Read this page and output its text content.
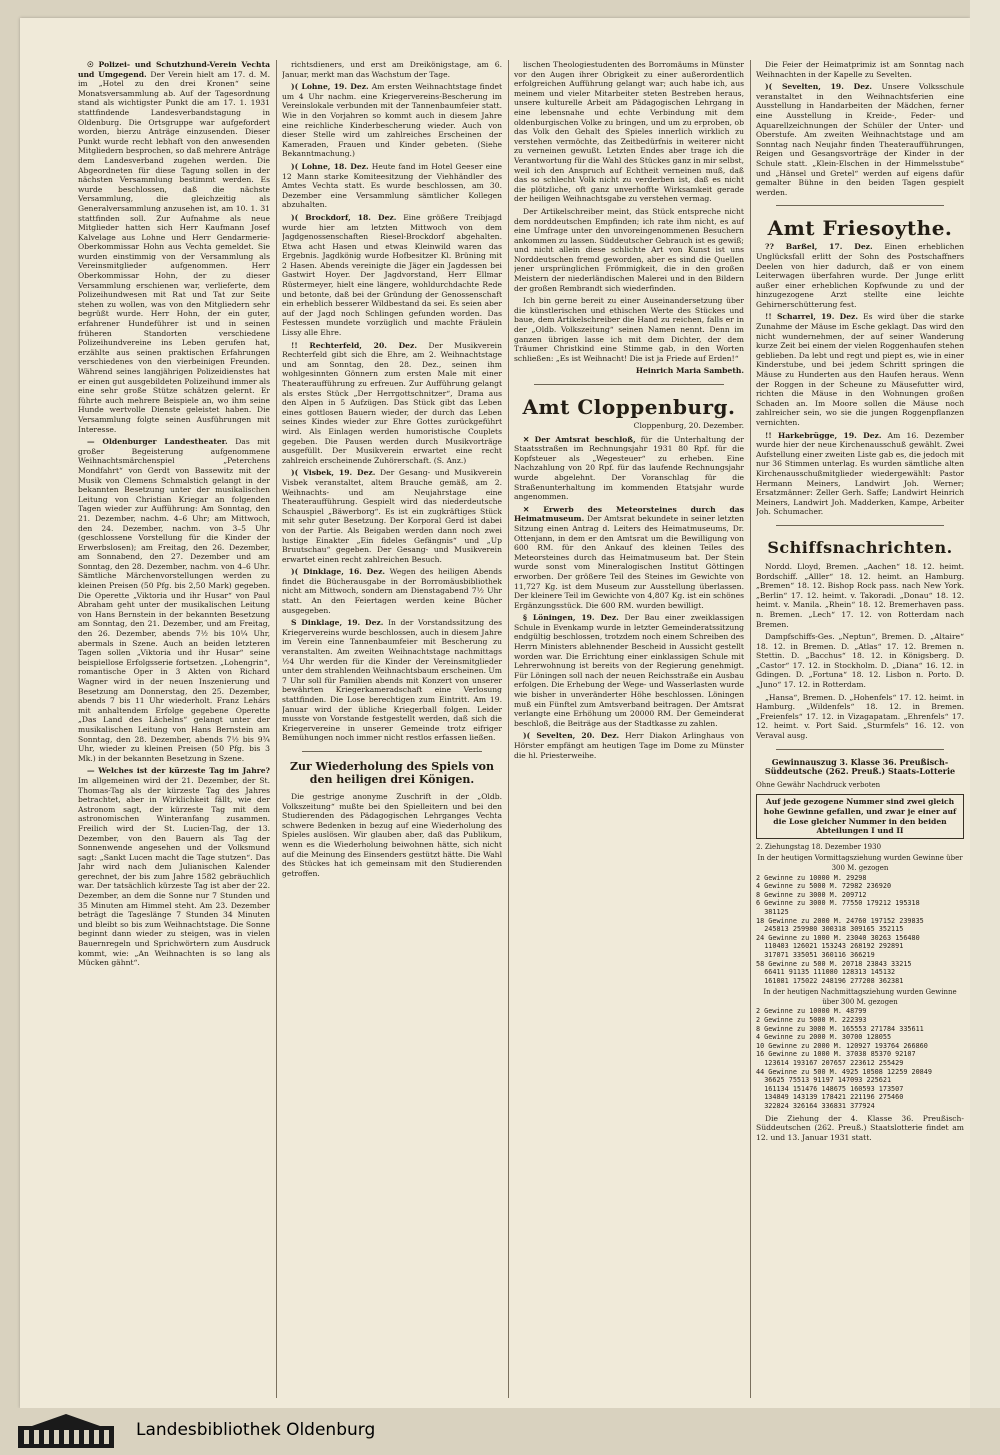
☉ Polizei- und Schutzhund-Verein Vechta und Umgegend. Der Verein hielt am 17. d. M. im „Hotel zu den drei Kronen“ seine Monatsversammlung ab. Auf der Tagesordnung stand als wichtigster Punkt die am 17. 1. 1931 stattfindende Landesverbandstagung in Oldenburg. Die Ortsgruppe war aufgefordert worden, bierzu Anträge einzusenden. Dieser Punkt wurde recht lebhaft von den anwesenden Mitgliedern besprochen, so daß mehrere Anträge dem Landesverband zugehen werden. Die Abgeordneten für diese Tagung sollen in der nächsten Versammlung bestimmt werden. Es wurde beschlossen, daß die nächste Versammlung, die gleichzeitig als Generalversammlung anzusehen ist, am 10. 1. 31 stattfinden soll. Zur Aufnahme als neue Mitglieder hatten sich Herr Kaufmann Josef Kalvelage aus Lohne und Herr Gendarmerie-Oberkommissar Hohn aus Vechta gemeldet. Sie wurden einstimmig von der Versammlung als Vereinsmitglieder aufgenommen. Herr Oberkommissar Hohn, der zu dieser Versammlung erschienen war, verlieferte, dem Polizeihundwesen mit Rat und Tat zur Seite stehen zu wollen, was von den Mitgliedern sehr begrüßt wurde. Herr Hohn, der ein guter, erfahrener Hundeführer ist und in seinen früheren Standorten verschiedene Polizeihundvereine ins Leben gerufen hat, erzählte aus seinen praktischen Erfahrungen verschiedenes von den vierbeinigen Freunden. Während seines langjährigen Polizeidienstes hat er einen gut ausgebildeten Polizeihund immer als eine sehr große Stütze schätzen gelernt. Er führte auch mehrere Beispiele an, wo ihm seine Hunde wertvolle Dienste geleistet haben. Die Versammlung folgte seinen Ausführungen mit Interesse.

— Oldenburger Landestheater. Das mit großer Begeisterung aufgenommene Weihnachtsmärchenspiel „Peterchens Mondfahrt“ von Gerdt von Bassewitz mit der Musik von Clemens Schmalstich gelangt in der bekannten Besetzung unter der musikalischen Leitung von Christian Kriegar an folgenden Tagen wieder zur Aufführung: Am Sonntag, den 21. Dezember, nachm. 4–6 Uhr; am Mittwoch, den 24. Dezember, nachm. von 3–5 Uhr (geschlossene Vorstellung für die Kinder der Erwerbslosen); am Freitag, den 26. Dezember, am Sonnabend, den 27. Dezember und am Sonntag, den 28. Dezember, nachm. von 4–6 Uhr. Sämtliche Märchenvorstellungen werden zu kleinen Preisen (50 Pfg. bis 2,50 Mark) gegeben. Die Operette „Viktoria und ihr Husar“ von Paul Abraham geht unter der musikalischen Leitung von Hans Bernstein in der bekannten Besetzung am Sonntag, den 21. Dezember, und am Freitag, den 26. Dezember, abends 7½ bis 10¼ Uhr, abermals in Szene. Auch an beiden letzteren Tagen sollen „Viktoria und ihr Husar“ seine beispiellose Erfolgsserie fortsetzen. „Lohengrin“, romantische Oper in 3 Akten von Richard Wagner wird in der neuen Inszenierung und Besetzung am Donnerstag, den 25. Dezember, abends 7 bis 11 Uhr wiederholt. Franz Lehárs mit anhaltendem Erfolge gegebene Operette „Das Land des Lächelns“ gelangt unter der musikalischen Leitung von Hans Bernstein am Sonntag, den 28. Dezember, abends 7½ bis 9¾ Uhr, wieder zu kleinen Preisen (50 Pfg. bis 3 Mk.) in der bekannten Besetzung in Szene.

— Welches ist der kürzeste Tag im Jahre? Im allgemeinen wird der 21. Dezember, der St. Thomas-Tag als der kürzeste Tag des Jahres betrachtet, aber in Wirklichkeit fällt, wie der Astronom sagt, der kürzeste Tag mit dem astronomischen Winteranfang zusammen. Freilich wird der St. Lucien-Tag, der 13. Dezember, von den Bauern als Tag der Sonnenwende angesehen und der Volksmund sagt: „Sankt Lucen macht die Tage stutzen“. Das Jahr wird nach dem Julianischen Kalender gerechnet, der bis zum Jahre 1582 gebräuchlich war. Der tatsächlich kürzeste Tag ist aber der 22. Dezember, an dem die Sonne nur 7 Stunden und 35 Minuten am Himmel steht. Am 23. Dezember beträgt die Tageslänge 7 Stunden 34 Minuten und bleibt so bis zum Weihnachtstage. Die Sonne beginnt dann wieder zu steigen, was in vielen Bauernregeln und Sprichwörtern zum Ausdruck kommt, wie: „An Weihnachten is so lang als Mücken gähnt“.

richtsdieners, und erst am Dreikönigstage, am 6. Januar, merkt man das Wachstum der Tage.

)( Lohne, 19. Dez. Am ersten Weihnachtstage findet um 4 Uhr nachm. eine Kriegervereins-Bescherung im Vereinslokale verbunden mit der Tannenbaumfeier statt. Wie in den Vorjahren so kommt auch in diesem Jahre eine reichliche Kinderbescherung wieder. Auch von dieser Stelle wird um zahlreiches Erscheinen der Kameraden, Frauen und Kinder gebeten. (Siehe Bekanntmachung.)

)( Lohne, 18. Dez. Heute fand im Hotel Geeser eine 12 Mann starke Komiteesitzung der Viehhändler des Amtes Vechta statt. Es wurde beschlossen, am 30. Dezember eine Versammlung sämtlicher Kollegen abzuhalten.

)( Brockdorf, 18. Dez. Eine größere Treibjagd wurde hier am letzten Mittwoch von dem Jagdgenossenschaften Riesel-Brockdorf abgehalten. Etwa acht Hasen und etwas Kleinwild waren das Ergebnis. Jagdkönig wurde Hofbesitzer Kl. Brüning mit 2 Hasen. Abends vereinigte die Jäger ein Jagdessen bei Gastwirt Hoyer. Der Jagdvorstand, Herr Ellmar Rüstermeyer, hielt eine längere, wohldurchdachte Rede und betonte, daß bei der Gründung der Genossenschaft ein erheblich besserer Wildbestand da sei. Es seien aber auf der Jagd noch Schlingen gefunden worden. Das Festessen mundete vorzüglich und machte Fräulein Lissy alle Ehre.

!! Rechterfeld, 20. Dez. Der Musikverein Rechterfeld gibt sich die Ehre, am 2. Weihnachtstage und am Sonntag, den 28. Dez., seinen ihm wohlgesinnten Gönnern zum ersten Male mit einer Theateraufführung zu erfreuen. Zur Aufführung gelangt als erstes Stück „Der Herrgottschnitzer“, Drama aus den Alpen in 5 Aufzügen. Das Stück gibt das Leben eines gottlosen Bauern wieder, der durch das Leben seines Kindes wieder zur Ehre Gottes zurückgeführt wird. Als Einlagen werden humoristische Couplets gegeben. Die Pausen werden durch Musikvorträge ausgefüllt. Der Musikverein erwartet eine recht zahlreich erscheinende Zuhörerschaft. (S. Anz.)

)( Visbek, 19. Dez. Der Gesang- und Musikverein Visbek veranstaltet, altem Brauche gemäß, am 2. Weihnachts- und am Neujahrstage eine Theateraufführung. Gespielt wird das niederdeutsche Schauspiel „Bäwerborg“. Es ist ein zugkräftiges Stück mit sehr guter Besetzung. Der Korporal Gerd ist dabei von der Partie. Als Beigaben werden dann noch zwei lustige Einakter „Ein fideles Gefängnis“ und „Up Bruutschau“ gegeben. Der Gesang- und Musikverein erwartet einen recht zahlreichen Besuch.

)( Dinklage, 16. Dez. Wegen des heiligen Abends findet die Bücherausgabe in der Borromäusbibliothek nicht am Mittwoch, sondern am Dienstagabend 7½ Uhr statt. An den Feiertagen werden keine Bücher ausgegeben.

S Dinklage, 19. Dez. In der Vorstandssitzung des Kriegervereins wurde beschlossen, auch in diesem Jahre im Verein eine Tannenbaumfeier mit Bescherung zu veranstalten. Am zweiten Weihnachtstage nachmittags ½4 Uhr werden für die Kinder der Vereinsmitglieder unter dem strahlenden Weihnachtsbaum erscheinen. Um 7 Uhr soll für Familien abends mit Konzert von unserer bewährten Kriegerkameradschaft eine Verlosung stattfinden. Die Lose berechtigen zum Eintritt. Am 19. Januar wird der übliche Kriegerball folgen. Leider musste von Vorstande festgestellt werden, daß sich die Kriegervereine in unserer Gemeinde trotz eifriger Bemühungen noch immer nicht restlos erfassen ließen.

Zur Wiederholung des Spiels von den heiligen drei Königen.

Die gestrige anonyme Zuschrift in der „Oldb. Volkszeitung“ mußte bei den Spielleitern und bei den Studierenden des Pädagogischen Lehrganges Vechta schwere Bedenken in bezug auf eine Wiederholung des Spieles auslösen. Wir glauben aber, daß das Publikum, wenn es die Wiederholung beiwohnen hätte, sich nicht auf die Meinung des Einsenders gestützt hätte. Die Wahl des Stückes hat ich gemeinsam mit den Studierenden getroffen.

lischen Theologiestudenten des Borromäums in Münster vor den Augen ihrer Obrigkeit zu einer außerordentlich erfolgreichen Aufführung gelangt war; auch habe ich, aus meinem und vieler Mitarbeiter steten Bestreben heraus, unsere kulturelle Arbeit am Pädagogischen Lehrgang in eine lebensnahe und echte Verbindung mit dem oldenburgischen Volke zu bringen, und um zu erproben, ob das Volk den Gehalt des Spieles innerlich wirklich zu verstehen vermöchte, das Zeitbedürfnis in weiterer nicht zu verneinen gewußt. Letzten Endes aber trage ich die Verantwortung für die Wahl des Stückes ganz in mir selbst, weil ich den Anspruch auf Echtheit verneinen muß, daß das so schlecht Volk nicht zu verderben ist, daß es nicht die plötzliche, oft ganz unverhoffte Wirksamkeit gerade der heiligen Weihnachtsgabe zu verstehen vermag.

Der Artikelschreiber meint, das Stück entspreche nicht dem norddeutschen Empfinden; ich rate ihm nicht, es auf eine Umfrage unter den unvoreingenommenen Besuchern ankommen zu lassen. Süddeutscher Gebrauch ist es gewiß; und nicht allein diese schlichte Art von Kunst ist uns Norddeutschen fremd geworden, aber es sind die Quellen jener ursprünglichen Frömmigkeit, die in den großen Meistern der niederländischen Malerei und in den Bildern der großen Rembrandt sich wiederfinden.

Ich bin gerne bereit zu einer Auseinandersetzung über die künstlerischen und ethischen Werte des Stückes und baue, dem Artikelschreiber die Hand zu reichen, falls er in der „Oldb. Volkszeitung“ seinen Namen nennt. Denn im ganzen übrigen lasse ich mit dem Dichter, der dem Träumer Christkind eine Stimme gab, in den Worten schließen: „Es ist Weihnacht! Die ist ja Friede auf Erden!“

Heinrich Maria Sambeth.
Amt Cloppenburg.
Cloppenburg, 20. Dezember.

✕ Der Amtsrat beschloß, für die Unterhaltung der Staatsstraßen im Rechnungsjahr 1931 80 Rpf. für die Kopfsteuer als „Wegesteuer“ zu erheben. Eine Nachzahlung von 20 Rpf. für das laufende Rechnungsjahr wurde abgelehnt. Der Voranschlag für die Straßenunterhaltung im kommenden Etatsjahr wurde angenommen.

✕ Erwerb des Meteorsteines durch das Heimatmuseum. Der Amtsrat bekundete in seiner letzten Sitzung einen Antrag d. Leiters des Heimatmuseums, Dr. Ottenjann, in dem er den Amtsrat um die Bewilligung von 600 RM. für den Ankauf des kleinen Teiles des Meteorsteines durch das Heimatmuseum bat. Der Stein wurde sonst vom Mineralogischen Institut Göttingen erworben. Der größere Teil des Steines im Gewichte von 11,727 Kg. ist dem Museum zur Ausstellung überlassen. Der kleinere Teil im Gewichte von 4,807 Kg. ist ein schönes Ergänzungsstück. Die 600 RM. wurden bewilligt.

§ Löningen, 19. Dez. Der Bau einer zweiklassigen Schule in Evenkamp wurde in letzter Gemeinderatssitzung endgültig beschlossen, trotzdem noch einem Schreiben des Herrn Ministers ablehnender Bescheid in Aussicht gestellt worden war. Die Errichtung einer einklassigen Schule mit Lehrerwohnung ist bereits von der Regierung genehmigt. Für Löningen soll nach der neuen Reichsstraße ein Ausbau erfolgen. Die Erhebung der Wege- und Wasserlasten wurde wie bisher in unveränderter Höhe beschlossen. Löningen muß ein Fünftel zum Amtsverband beitragen. Der Amtsrat verlangte eine Erhöhung um 20000 RM. Der Gemeinderat beschloß, die Beiträge aus der Stadtkasse zu zahlen.

)( Sevelten, 20. Dez. Herr Diakon Arlinghaus von Hörster empfängt am heutigen Tage im Dome zu Münster die hl. Priesterweihe.

Die Feier der Heimatprimiz ist am Sonntag nach Weihnachten in der Kapelle zu Sevelten.

)( Sevelten, 19. Dez. Unsere Volksschule veranstaltet in den Weihnachtsferien eine Ausstellung in Handarbeiten der Mädchen, ferner eine Ausstellung in Kreide-, Feder- und Aquarellzeichnungen der Schüler der Unter- und Oberstufe. Am zweiten Weihnachtstage und am Sonntag nach Neujahr finden Theateraufführungen, Reigen und Gesangsvorträge der Kinder in der Schule statt. „Klein-Elschen in der Himmelsstube“ und „Hänsel und Gretel“ werden auf eigens dafür gemalter Bühne in den beiden Tagen gespielt werden.

Amt Friesoythe.

?? Barßel, 17. Dez. Einen erheblichen Unglücksfall erlitt der Sohn des Postschaffners Deelen von hier dadurch, daß er von einem Leiterwagen überfahren wurde. Der Junge erlitt außer einer erheblichen Kopfwunde zu und der hinzugezogene Arzt stellte eine leichte Gehirnerschütterung fest.

!! Scharrel, 19. Dez. Es wird über die starke Zunahme der Mäuse im Esche geklagt. Das wird den nicht wundernehmen, der auf seiner Wanderung kurze Zeit bei einem der vielen Roggenhaufen stehen geblieben. Da lebt und regt und piept es, wie in einer Kinderstube, und bei jedem Schritt springen die Mäuse zu Hunderten aus den Haufen heraus. Wenn der Roggen in der Scheune zu Mäusefutter wird, richten die Mäuse in den Wohnungen großen Schaden an. Im Moore sollen die Mäuse noch zahlreicher sein, wo sie die jungen Roggenpflanzen vernichten.

!! Harkebrügge, 19. Dez. Am 16. Dezember wurde hier der neue Kirchenausschuß gewählt. Zwei Aufstellung einer zweiten Liste gab es, die jedoch mit nur 36 Stimmen unterlag. Es wurden sämtliche alten Kirchenausschußmitglieder wiedergewählt: Pastor Hermann Meiners, Landwirt Joh. Werner; Ersatzmänner: Zeller Gerh. Saffe; Landwirt Heinrich Meiners, Landwirt Joh. Madderken, Kampe, Arbeiter Joh. Schumacher.

Schiffsnachrichten.

Nordd. Lloyd, Bremen. „Aachen“ 18. 12. heimt. Bordschiff. „Alller“ 18. 12. heimt. an Hamburg. „Bremen“ 18. 12. Bishop Rock pass. nach New York. „Berlin“ 17. 12. heimt. v. Takoradi. „Donau“ 18. 12. heimt. v. Manila. „Rhein“ 18. 12. Bremerhaven pass. n. Bremen. „Lech“ 17. 12. von Rotterdam nach Bremen.

Dampfschiffs-Ges. „Neptun“, Bremen. D. „Altaire“ 18. 12. in Bremen. D. „Atlas“ 17. 12. Bremen n. Stettin. D. „Bacchus“ 18. 12. in Königsberg. D. „Castor“ 17. 12. in Stockholm. D. „Diana“ 16. 12. in Gdingen. D. „Fortuna“ 18. 12. Lisbon n. Porto. D. „Juno“ 17. 12. in Rotterdam.

„Hansa“, Bremen. D. „Hohenfels“ 17. 12. heimt. in Hamburg. „Wildenfels“ 18. 12. in Bremen. „Freienfels“ 17. 12. in Vizagapatam. „Ehrenfels“ 17. 12. heimt. v. Port Said. „Sturmfels“ 16. 12. von Veraval ausg.

Gewinnauszug 3. Klasse 36. Preußisch-Süddeutsche (262. Preuß.) Staats-Lotterie
Ohne Gewähr Nachdruck verboten
Auf jede gezogene Nummer sind zwei gleich hohe Gewinne gefallen, und zwar je einer auf die Lose gleicher Nummer in den beiden Abteilungen I und II
2. Ziehungstag 18. Dezember 1930
In der heutigen Vormittagsziehung wurden Gewinne über 300 M. gezogen
2 Gewinne zu 10000 M. 29298
4 Gewinne zu 5000 M. 72982 236920
8 Gewinne zu 3000 M. 209712
6 Gewinne zu 3000 M. 77550 179212 195318
381125
18 Gewinne zu 2000 M. 24760 197152 239835
245813 259980 300318 309165 352115
24 Gewinne zu 1000 M. 23040 30263 156480
110403 126021 153243 268192 292891
317071 335051 360116 366219
58 Gewinne zu 500 M. 20718 23843 33215
66411 91135 111080 128313 145132
161081 175022 248196 277208 362381
In der heutigen Nachmittagsziehung wurden Gewinne über 300 M. gezogen
2 Gewinne zu 10000 M. 48799
2 Gewinne zu 5000 M. 222393
8 Gewinne zu 3000 M. 165553 271784 335611
4 Gewinne zu 2000 M. 30700 128055
10 Gewinne zu 2000 M. 120927 193764 266860
16 Gewinne zu 1000 M. 37038 85370 92107
123614 193167 207657 223612 255429
44 Gewinne zu 500 M. 4925 10508 12259 20849
36625 75513 91197 147093 225621
161134 151476 148675 160593 173507
134849 143139 178421 221196 275460
322824 326164 336831 377924

Die Ziehung der 4. Klasse 36. Preußisch-Süddeutschen (262. Preuß.) Staatslotterie findet am 12. und 13. Januar 1931 statt.

Landesbibliothek Oldenburg
